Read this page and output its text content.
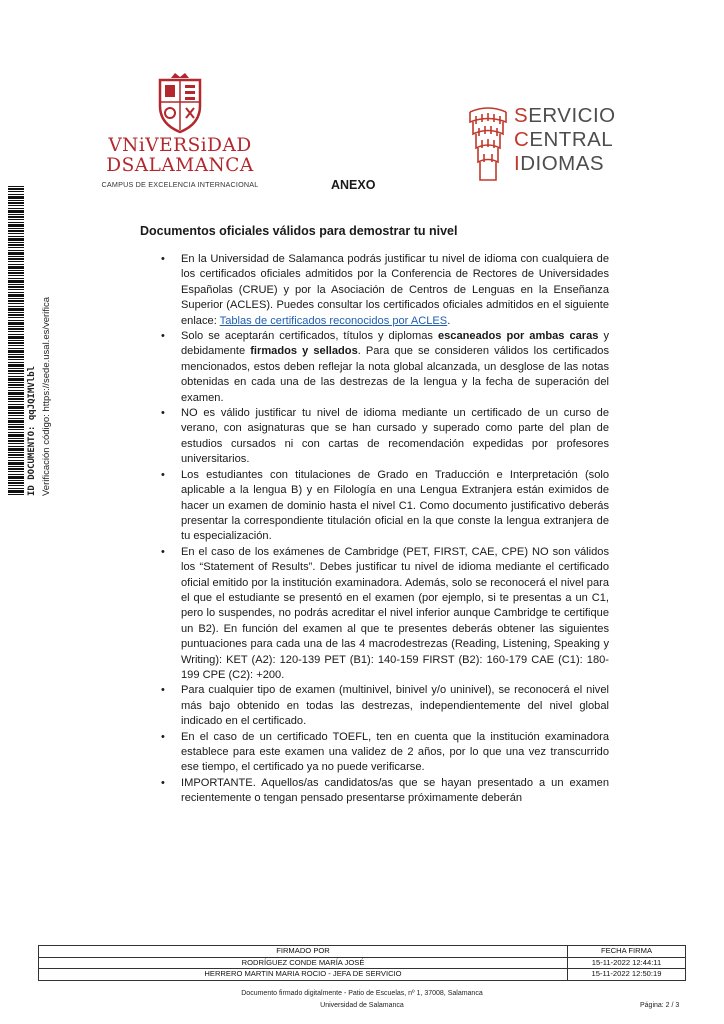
ID DOCUMENTO: qqJQIMVlbl Verificación código: https://sede.usal.es/verifica
VNiVERSiDAD
DSALAMANCA
CAMPUS DE EXCELENCIA INTERNACIONAL
SERVICIO
CENTRAL
IDIOMAS
ANEXO
Documentos oficiales válidos para demostrar tu nivel
• En la Universidad de Salamanca podrás justificar tu nivel de idioma con cualquiera de los certificados oficiales admitidos por la Conferencia de Rectores de Universidades Españolas (CRUE) y por la Asociación de Centros de Lenguas en la Enseñanza Superior (ACLES). Puedes consultar los certificados oficiales admitidos en el siguiente enlace: Tablas de certificados reconocidos por ACLES.
• Solo se aceptarán certificados, títulos y diplomas escaneados por ambas caras y debidamente firmados y sellados. Para que se consideren válidos los certificados mencionados, estos deben reflejar la nota global alcanzada, un desglose de las notas obtenidas en cada una de las destrezas de la lengua y la fecha de superación del examen.
• NO es válido justificar tu nivel de idioma mediante un certificado de un curso de verano, con asignaturas que se han cursado y superado como parte del plan de estudios cursados ni con cartas de recomendación expedidas por profesores universitarios.
• Los estudiantes con titulaciones de Grado en Traducción e Interpretación (solo aplicable a la lengua B) y en Filología en una Lengua Extranjera están eximidos de hacer un examen de dominio hasta el nivel C1. Como documento justificativo deberás presentar la correspondiente titulación oficial en la que conste la lengua extranjera de tu especialización.
• En el caso de los exámenes de Cambridge (PET, FIRST, CAE, CPE) NO son válidos los “Statement of Results”. Debes justificar tu nivel de idioma mediante el certificado oficial emitido por la institución examinadora. Además, solo se reconocerá el nivel para el que el estudiante se presentó en el examen (por ejemplo, si te presentas a un C1, pero lo suspendes, no podrás acreditar el nivel inferior aunque Cambridge te certifique un B2). En función del examen al que te presentes deberás obtener las siguientes puntuaciones para cada una de las 4 macrodestrezas (Reading, Listening, Speaking y Writing): KET (A2): 120-139 PET (B1): 140-159 FIRST (B2): 160-179 CAE (C1): 180-199 CPE (C2): +200.
• Para cualquier tipo de examen (multinivel, binivel y/o uninivel), se reconocerá el nivel más bajo obtenido en todas las destrezas, independientemente del nivel global indicado en el certificado.
• En el caso de un certificado TOEFL, ten en cuenta que la institución examinadora establece para este examen una validez de 2 años, por lo que una vez transcurrido ese tiempo, el certificado ya no puede verificarse.
• IMPORTANTE. Aquellos/as candidatos/as que se hayan presentado a un examen recientemente o tengan pensado presentarse próximamente deberán
FIRMADO POR	FECHA FIRMA
RODRÍGUEZ CONDE MARÍA JOSÉ	15-11-2022 12:44:11
HERRERO MARTIN MARIA ROCIO - JEFA DE SERVICIO	15-11-2022 12:50:19
Documento firmado digitalmente - Patio de Escuelas, nº 1, 37008, Salamanca
Universidad de Salamanca	Página: 2 / 3
